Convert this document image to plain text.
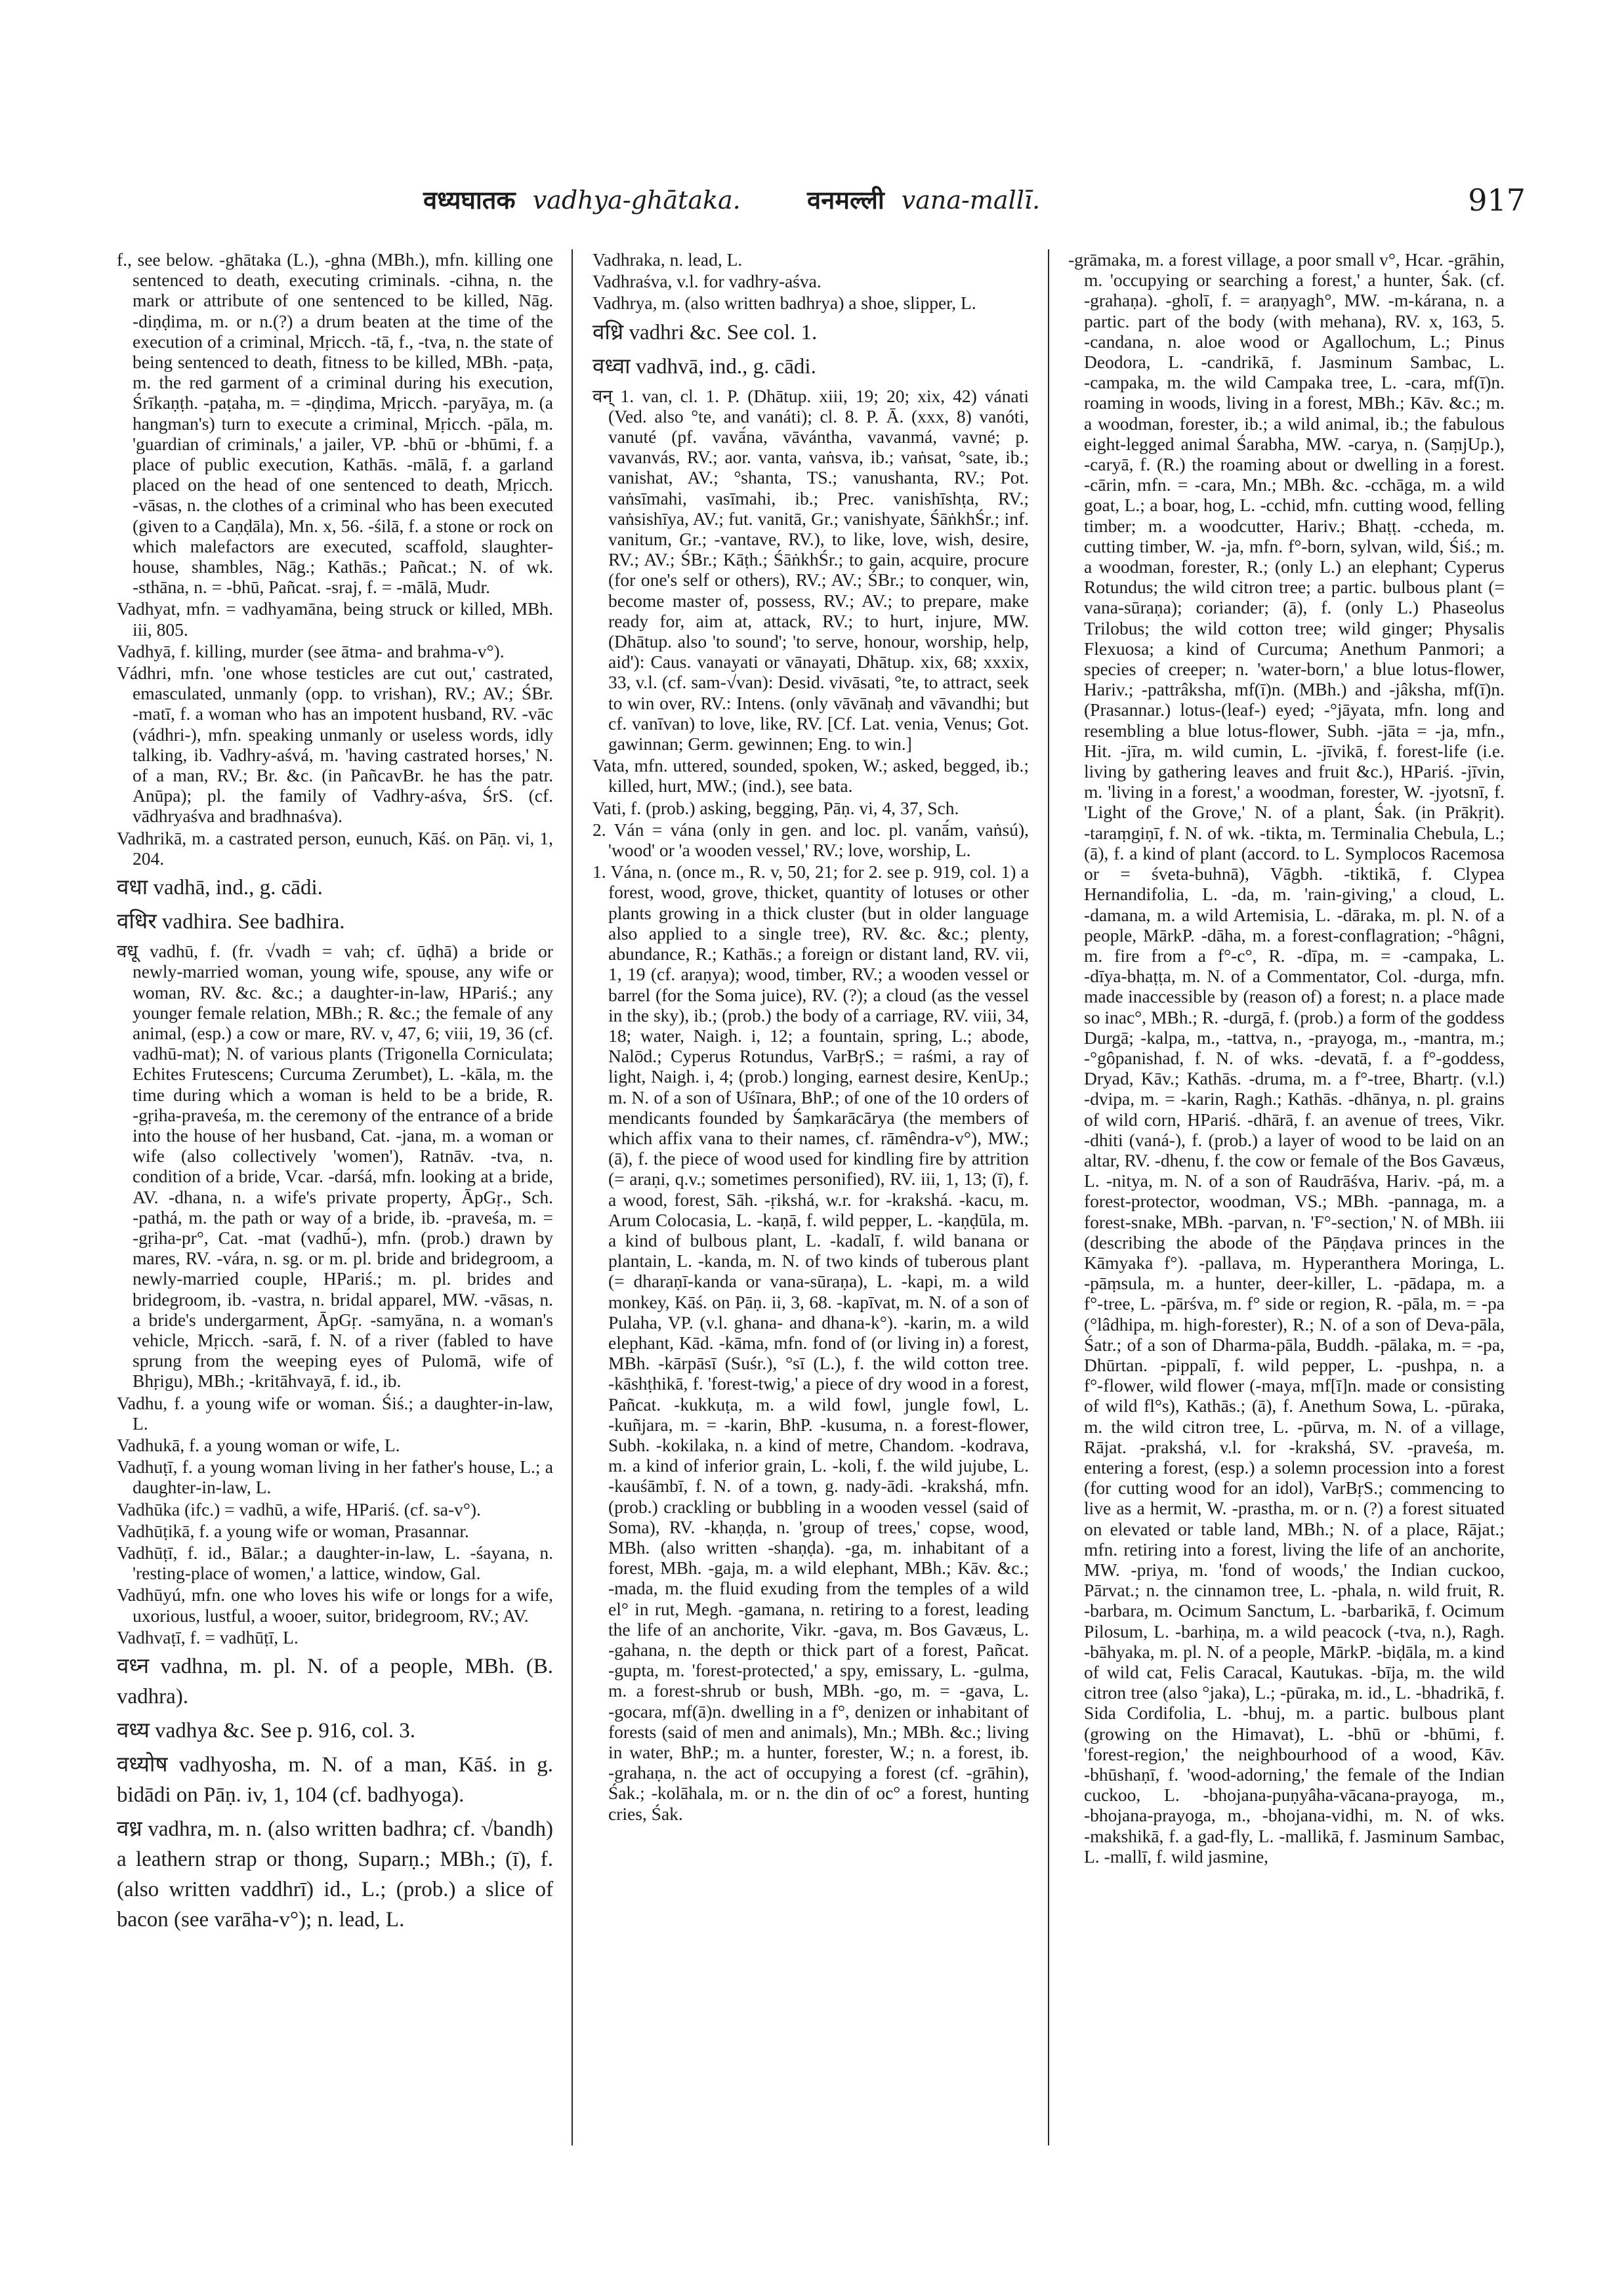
वध्यघातक vadhya-ghātaka.	वनमल्ली vana-mallī.	917

f., see below. ‑ghātaka (L.), ‑ghna (MBh.), mfn. killing one sentenced to death, executing criminals. ‑cihna, n. the mark or attribute of one sentenced to be killed, Nāg. ‑diṇḍima, m. or n.(?) a drum beaten at the time of the execution of a criminal, Mṛicch. ‑tā, f., ‑tva, n. the state of being sentenced to death, fitness to be killed, MBh. ‑paṭa, m. the red garment of a criminal during his execution, Śrīkaṇṭh. ‑paṭaha, m. = ‑ḍiṇḍima, Mṛicch. ‑paryāya, m. (a hangman's) turn to execute a criminal, Mṛicch. ‑pāla, m. 'guardian of criminals,' a jailer, VP. ‑bhū or ‑bhūmi, f. a place of public execution, Kathās. ‑mālā, f. a garland placed on the head of one sentenced to death, Mṛicch. ‑vāsas, n. the clothes of a criminal who has been executed (given to a Caṇḍāla), Mn. x, 56. ‑śilā, f. a stone or rock on which malefactors are executed, scaffold, slaughter-house, shambles, Nāg.; Kathās.; Pañcat.; N. of wk. ‑sthāna, n. = ‑bhū, Pañcat. ‑sraj, f. = ‑mālā, Mudr.

Vadhyat, mfn. = vadhyamāna, being struck or killed, MBh. iii, 805.

Vadhyā, f. killing, murder (see ātma‑ and brahma‑v°).

Vádhri, mfn. 'one whose testicles are cut out,' castrated, emasculated, unmanly (opp. to vrishan), RV.; AV.; ŚBr. ‑matī, f. a woman who has an impotent husband, RV. ‑vāc (vádhri‑), mfn. speaking unmanly or useless words, idly talking, ib. Vadhry‑aśvá, m. 'having castrated horses,' N. of a man, RV.; Br. &c. (in PañcavBr. he has the patr. Anūpa); pl. the family of Vadhry‑aśva, ŚrS. (cf. vādhryaśva and bradhnaśva).

Vadhrikā, m. a castrated person, eunuch, Kāś. on Pāṇ. vi, 1, 204.

वधा vadhā, ind., g. cādi.

वधिर vadhira. See badhira.

वधू vadhū, f. (fr. √vadh = vah; cf. ūḍhā) a bride or newly‑married woman, young wife, spouse, any wife or woman, RV. &c. &c.; a daughter‑in‑law, HPariś.; any younger female relation, MBh.; R. &c.; the female of any animal, (esp.) a cow or mare, RV. v, 47, 6; viii, 19, 36 (cf. vadhū‑mat); N. of various plants (Trigonella Corniculata; Echites Frutescens; Curcuma Zerumbet), L. ‑kāla, m. the time during which a woman is held to be a bride, R. ‑gṛiha‑praveśa, m. the ceremony of the entrance of a bride into the house of her husband, Cat. ‑jana, m. a woman or wife (also collectively 'women'), Ratnāv. ‑tva, n. condition of a bride, Vcar. ‑darśá, mfn. looking at a bride, AV. ‑dhana, n. a wife's private property, ĀpGṛ., Sch. ‑pathá, m. the path or way of a bride, ib. ‑praveśa, m. = ‑gṛiha‑pr°, Cat. ‑mat (vadhū́‑), mfn. (prob.) drawn by mares, RV. ‑vára, n. sg. or m. pl. bride and bridegroom, a newly‑married couple, HPariś.; m. pl. brides and bridegroom, ib. ‑vastra, n. bridal apparel, MW. ‑vāsas, n. a bride's undergarment, ĀpGṛ. ‑samyāna, n. a woman's vehicle, Mṛicch. ‑sarā, f. N. of a river (fabled to have sprung from the weeping eyes of Pulomā, wife of Bhṛigu), MBh.; ‑kritāhvayā, f. id., ib.

Vadhu, f. a young wife or woman. Śiś.; a daughter‑in‑law, L.

Vadhukā, f. a young woman or wife, L.

Vadhuṭī, f. a young woman living in her father's house, L.; a daughter‑in‑law, L.

Vadhūka (ifc.) = vadhū, a wife, HPariś. (cf. sa‑v°).

Vadhūṭikā, f. a young wife or woman, Prasannar.

Vadhūṭī, f. id., Bālar.; a daughter‑in‑law, L. ‑śayana, n. 'resting‑place of women,' a lattice, window, Gal.

Vadhūyú, mfn. one who loves his wife or longs for a wife, uxorious, lustful, a wooer, suitor, bridegroom, RV.; AV.

Vadhvaṭī, f. = vadhūṭī, L.

वध्न vadhna, m. pl. N. of a people, MBh. (B. vadhra).

वध्य vadhya &c. See p. 916, col. 3.

वध्योष vadhyosha, m. N. of a man, Kāś. in g. bidādi on Pāṇ. iv, 1, 104 (cf. badhyoga).

वध्र vadhra, m. n. (also written badhra; cf. √bandh) a leathern strap or thong, Suparṇ.; MBh.; (ī), f. (also written vaddhrī) id., L.; (prob.) a slice of bacon (see varāha‑v°); n. lead, L.

Vadhraka, n. lead, L.

Vadhraśva, v.l. for vadhry‑aśva.

Vadhrya, m. (also written badhrya) a shoe, slipper, L.

वध्रि vadhri &c. See col. 1.

वध्वा vadhvā, ind., g. cādi.

वन् 1. van, cl. 1. P. (Dhātup. xiii, 19; 20; xix, 42) vánati (Ved. also °te, and vanáti); cl. 8. P. Ā. (xxx, 8) vanóti, vanuté (pf. vavā́na, vāvántha, vavanmá, vavné; p. vavanvás, RV.; aor. vanta, vaṅsva, ib.; vaṅsat, °sate, ib.; vanishat, AV.; °shanta, TS.; vanushanta, RV.; Pot. vaṅsīmahi, vasīmahi, ib.; Prec. vanishīshṭa, RV.; vaṅsishīya, AV.; fut. vanitā, Gr.; vanishyate, ŚāṅkhŚr.; inf. vanitum, Gr.; ‑vantave, RV.), to like, love, wish, desire, RV.; AV.; ŚBr.; Kāṭh.; ŚāṅkhŚr.; to gain, acquire, procure (for one's self or others), RV.; AV.; ŚBr.; to conquer, win, become master of, possess, RV.; AV.; to prepare, make ready for, aim at, attack, RV.; to hurt, injure, MW. (Dhātup. also 'to sound'; 'to serve, honour, worship, help, aid'): Caus. vanayati or vānayati, Dhātup. xix, 68; xxxix, 33, v.l. (cf. sam‑√van): Desid. vivāsati, °te, to attract, seek to win over, RV.: Intens. (only vāvānaḥ and vāvandhi; but cf. vanīvan) to love, like, RV. [Cf. Lat. venia, Venus; Got. gawinnan; Germ. gewinnen; Eng. to win.]

Vata, mfn. uttered, sounded, spoken, W.; asked, begged, ib.; killed, hurt, MW.; (ind.), see bata.

Vati, f. (prob.) asking, begging, Pāṇ. vi, 4, 37, Sch.

2. Ván = vána (only in gen. and loc. pl. vanā́m, vaṅsú), 'wood' or 'a wooden vessel,' RV.; love, worship, L.

1. Vána, n. (once m., R. v, 50, 21; for 2. see p. 919, col. 1) a forest, wood, grove, thicket, quantity of lotuses or other plants growing in a thick cluster (but in older language also applied to a single tree), RV. &c. &c.; plenty, abundance, R.; Kathās.; a foreign or distant land, RV. vii, 1, 19 (cf. araṇya); wood, timber, RV.; a wooden vessel or barrel (for the Soma juice), RV. (?); a cloud (as the vessel in the sky), ib.; (prob.) the body of a carriage, RV. viii, 34, 18; water, Naigh. i, 12; a fountain, spring, L.; abode, Nalōd.; Cyperus Rotundus, VarBṛS.; = raśmi, a ray of light, Naigh. i, 4; (prob.) longing, earnest desire, KenUp.; m. N. of a son of Uśīnara, BhP.; of one of the 10 orders of mendicants founded by Śaṃkarācārya (the members of which affix vana to their names, cf. rāmêndra‑v°), MW.; (ā), f. the piece of wood used for kindling fire by attrition (= araṇi, q.v.; sometimes personified), RV. iii, 1, 13; (ī), f. a wood, forest, Sāh. ‑ṛikshá, w.r. for ‑krakshá. ‑kacu, m. Arum Colocasia, L. ‑kaṇā, f. wild pepper, L. ‑kaṇḍūla, m. a kind of bulbous plant, L. ‑kadalī, f. wild banana or plantain, L. ‑kanda, m. N. of two kinds of tuberous plant (= dharaṇī‑kanda or vana‑sūraṇa), L. ‑kapi, m. a wild monkey, Kāś. on Pāṇ. ii, 3, 68. ‑kapīvat, m. N. of a son of Pulaha, VP. (v.l. ghana‑ and dhana‑k°). ‑karin, m. a wild elephant, Kād. ‑kāma, mfn. fond of (or living in) a forest, MBh. ‑kārpāsī (Suśr.), °sī (L.), f. the wild cotton tree. ‑kāshṭhikā, f. 'forest‑twig,' a piece of dry wood in a forest, Pañcat. ‑kukkuṭa, m. a wild fowl, jungle fowl, L. ‑kuñjara, m. = ‑karin, BhP. ‑kusuma, n. a forest‑flower, Subh. ‑kokilaka, n. a kind of metre, Chandom. ‑kodrava, m. a kind of inferior grain, L. ‑koli, f. the wild jujube, L. ‑kauśāmbī, f. N. of a town, g. nady‑ādi. ‑krakshá, mfn. (prob.) crackling or bubbling in a wooden vessel (said of Soma), RV. ‑khaṇḍa, n. 'group of trees,' copse, wood, MBh. (also written ‑shaṇḍa). ‑ga, m. inhabitant of a forest, MBh. ‑gaja, m. a wild elephant, MBh.; Kāv. &c.; ‑mada, m. the fluid exuding from the temples of a wild el° in rut, Megh. ‑gamana, n. retiring to a forest, leading the life of an anchorite, Vikr. ‑gava, m. Bos Gavæus, L. ‑gahana, n. the depth or thick part of a forest, Pañcat. ‑gupta, m. 'forest‑protected,' a spy, emissary, L. ‑gulma, m. a forest‑shrub or bush, MBh. ‑go, m. = ‑gava, L. ‑gocara, mf(ā)n. dwelling in a f°, denizen or inhabitant of forests (said of men and animals), Mn.; MBh. &c.; living in water, BhP.; m. a hunter, forester, W.; n. a forest, ib. ‑grahaṇa, n. the act of occupying a forest (cf. ‑grāhin), Śak.; ‑kolāhala, m. or n. the din of oc° a forest, hunting cries, Śak.

‑grāmaka, m. a forest village, a poor small v°, Hcar. ‑grāhin, m. 'occupying or searching a forest,' a hunter, Śak. (cf. ‑grahaṇa). ‑gholī, f. = araṇyagh°, MW. ‑m‑kárana, n. a partic. part of the body (with mehana), RV. x, 163, 5. ‑candana, n. aloe wood or Agallochum, L.; Pinus Deodora, L. ‑candrikā, f. Jasminum Sambac, L. ‑campaka, m. the wild Campaka tree, L. ‑cara, mf(ī)n. roaming in woods, living in a forest, MBh.; Kāv. &c.; m. a woodman, forester, ib.; a wild animal, ib.; the fabulous eight‑legged animal Śarabha, MW. ‑carya, n. (SaṃjUp.), ‑caryā, f. (R.) the roaming about or dwelling in a forest. ‑cārin, mfn. = ‑cara, Mn.; MBh. &c. ‑cchāga, m. a wild goat, L.; a boar, hog, L. ‑cchid, mfn. cutting wood, felling timber; m. a woodcutter, Hariv.; Bhaṭṭ. ‑ccheda, m. cutting timber, W. ‑ja, mfn. f°‑born, sylvan, wild, Śiś.; m. a woodman, forester, R.; (only L.) an elephant; Cyperus Rotundus; the wild citron tree; a partic. bulbous plant (= vana‑sūraṇa); coriander; (ā), f. (only L.) Phaseolus Trilobus; the wild cotton tree; wild ginger; Physalis Flexuosa; a kind of Curcuma; Anethum Panmori; a species of creeper; n. 'water‑born,' a blue lotus‑flower, Hariv.; ‑pattrâksha, mf(ī)n. (MBh.) and ‑jâksha, mf(ī)n. (Prasannar.) lotus‑(leaf‑) eyed; ‑°jāyata, mfn. long and resembling a blue lotus‑flower, Subh. ‑jāta = ‑ja, mfn., Hit. ‑jīra, m. wild cumin, L. ‑jīvikā, f. forest‑life (i.e. living by gathering leaves and fruit &c.), HPariś. ‑jīvin, m. 'living in a forest,' a woodman, forester, W. ‑jyotsnī, f. 'Light of the Grove,' N. of a plant, Śak. (in Prākṛit). ‑taraṃgiṇī, f. N. of wk. ‑tikta, m. Terminalia Chebula, L.; (ā), f. a kind of plant (accord. to L. Symplocos Racemosa or = śveta‑buhnā), Vāgbh. ‑tiktikā, f. Clypea Hernandifolia, L. ‑da, m. 'rain‑giving,' a cloud, L. ‑damana, m. a wild Artemisia, L. ‑dāraka, m. pl. N. of a people, MārkP. ‑dāha, m. a forest‑conflagration; ‑°hâgni, m. fire from a f°‑c°, R. ‑dīpa, m. = ‑campaka, L. ‑dīya‑bhaṭṭa, m. N. of a Commentator, Col. ‑durga, mfn. made inaccessible by (reason of) a forest; n. a place made so inac°, MBh.; R. ‑durgā, f. (prob.) a form of the goddess Durgā; ‑kalpa, m., ‑tattva, n., ‑prayoga, m., ‑mantra, m.; ‑°gôpanishad, f. N. of wks. ‑devatā, f. a f°‑goddess, Dryad, Kāv.; Kathās. ‑druma, m. a f°‑tree, Bhartṛ. (v.l.) ‑dvipa, m. = ‑karin, Ragh.; Kathās. ‑dhānya, n. pl. grains of wild corn, HPariś. ‑dhārā, f. an avenue of trees, Vikr. ‑dhiti (vaná‑), f. (prob.) a layer of wood to be laid on an altar, RV. ‑dhenu, f. the cow or female of the Bos Gavæus, L. ‑nitya, m. N. of a son of Raudrāśva, Hariv. ‑pá, m. a forest‑protector, woodman, VS.; MBh. ‑pannaga, m. a forest‑snake, MBh. ‑parvan, n. 'F°‑section,' N. of MBh. iii (describing the abode of the Pāṇḍava princes in the Kāmyaka f°). ‑pallava, m. Hyperanthera Moringa, L. ‑pāṃsula, m. a hunter, deer‑killer, L. ‑pādapa, m. a f°‑tree, L. ‑pārśva, m. f° side or region, R. ‑pāla, m. = ‑pa (°lâdhipa, m. high‑forester), R.; N. of a son of Deva‑pāla, Śatr.; of a son of Dharma‑pāla, Buddh. ‑pālaka, m. = ‑pa, Dhūrtan. ‑pippalī, f. wild pepper, L. ‑pushpa, n. a f°‑flower, wild flower (‑maya, mf[ī]n. made or consisting of wild fl°s), Kathās.; (ā), f. Anethum Sowa, L. ‑pūraka, m. the wild citron tree, L. ‑pūrva, m. N. of a village, Rājat. ‑prakshá, v.l. for ‑krakshá, SV. ‑praveśa, m. entering a forest, (esp.) a solemn procession into a forest (for cutting wood for an idol), VarBṛS.; commencing to live as a hermit, W. ‑prastha, m. or n. (?) a forest situated on elevated or table land, MBh.; N. of a place, Rājat.; mfn. retiring into a forest, living the life of an anchorite, MW. ‑priya, m. 'fond of woods,' the Indian cuckoo, Pārvat.; n. the cinnamon tree, L. ‑phala, n. wild fruit, R. ‑barbara, m. Ocimum Sanctum, L. ‑barbarikā, f. Ocimum Pilosum, L. ‑barhiṇa, m. a wild peacock (‑tva, n.), Ragh. ‑bāhyaka, m. pl. N. of a people, MārkP. ‑biḍāla, m. a kind of wild cat, Felis Caracal, Kautukas. ‑bīja, m. the wild citron tree (also °jaka), L.; ‑pūraka, m. id., L. ‑bhadrikā, f. Sida Cordifolia, L. ‑bhuj, m. a partic. bulbous plant (growing on the Himavat), L. ‑bhū or ‑bhūmi, f. 'forest‑region,' the neighbourhood of a wood, Kāv. ‑bhūshaṇī, f. 'wood‑adorning,' the female of the Indian cuckoo, L. ‑bhojana‑puṇyâha‑vācana‑prayoga, m., ‑bhojana‑prayoga, m., ‑bhojana‑vidhi, m. N. of wks. ‑makshikā, f. a gad‑fly, L. ‑mallikā, f. Jasminum Sambac, L. ‑mallī, f. wild jasmine,
